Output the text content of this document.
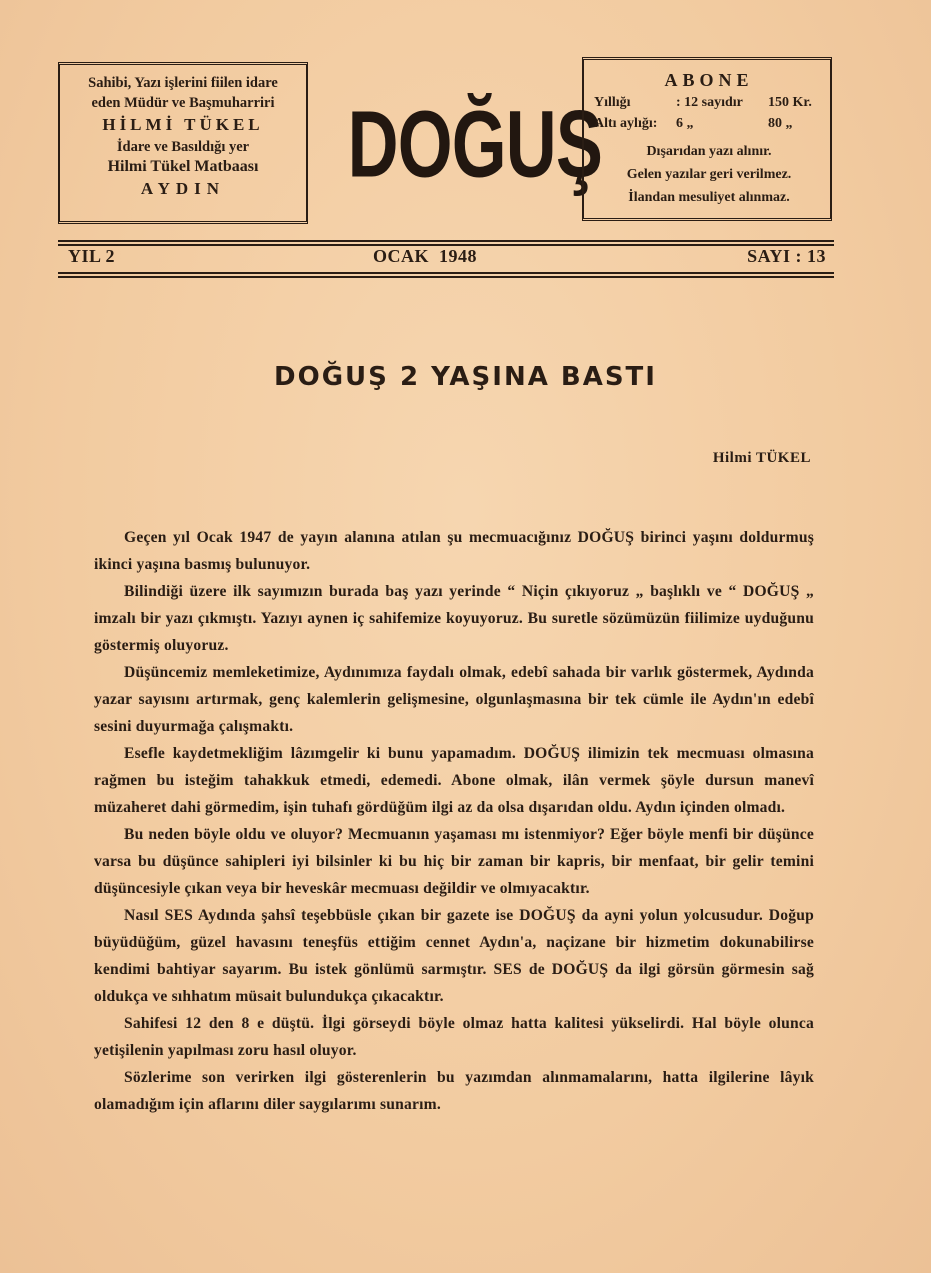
Sahibi, Yazı işlerini fiilen idare
eden Müdür ve Başmuharriri
HİLMİ TÜKEL
İdare ve Basıldığı yer
Hilmi Tükel Matbaası
AYDIN	DOĞUŞ
ABONE
Yıllığı	: 12 sayıdır	150 Kr.
Altı aylığı:	6 „	80 „
Dışarıdan yazı alınır.
Gelen yazılar geri verilmez.
İlandan mesuliyet alınmaz.
YIL 2	OCAK  1948	SAYI : 13
DOĞUŞ 2 YAŞINA BASTI
Hilmi TÜKEL

Geçen yıl Ocak 1947 de yayın alanına atılan şu mecmuacığınız DOĞUŞ birinci yaşını doldurmuş ikinci yaşına basmış bulunuyor.

Bilindiği üzere ilk sayımızın burada baş yazı yerinde “ Niçin çıkıyoruz „ başlıklı ve “ DOĞUŞ „ imzalı bir yazı çıkmıştı. Yazıyı aynen iç sahifemize koyuyoruz. Bu suretle sözümüzün fiilimize uyduğunu göstermiş oluyoruz.

Düşüncemiz memleketimize, Aydınımıza faydalı olmak, edebî sahada bir varlık göstermek, Aydında yazar sayısını artırmak, genç kalemlerin gelişmesine, olgunlaşmasına bir tek cümle ile Aydın'ın edebî sesini duyurmağa çalışmaktı.

Esefle kaydetmekliğim lâzımgelir ki bunu yapamadım. DOĞUŞ ilimizin tek mecmuası olmasına rağmen bu isteğim tahakkuk etmedi, edemedi. Abone olmak, ilân vermek şöyle dursun manevî müzaheret dahi görmedim, işin tuhafı gördüğüm ilgi az da olsa dışarıdan oldu. Aydın içinden olmadı.

Bu neden böyle oldu ve oluyor? Mecmuanın yaşaması mı istenmiyor? Eğer böyle menfi bir düşünce varsa bu düşünce sahipleri iyi bilsinler ki bu hiç bir zaman bir kapris, bir menfaat, bir gelir temini düşüncesiyle çıkan veya bir heveskâr mecmuası değildir ve olmıyacaktır.

Nasıl SES Aydında şahsî teşebbüsle çıkan bir gazete ise DOĞUŞ da ayni yolun yolcusudur. Doğup büyüdüğüm, güzel havasını teneşfüs ettiğim cennet Aydın'a, naçizane bir hizmetim dokunabilirse kendimi bahtiyar sayarım. Bu istek gönlümü sarmıştır. SES de DOĞUŞ da ilgi görsün görmesin sağ oldukça ve sıhhatım müsait bulundukça çıkacaktır.

Sahifesi 12 den 8 e düştü. İlgi görseydi böyle olmaz hatta kalitesi yükselirdi. Hal böyle olunca yetişilenin yapılması zoru hasıl oluyor.

Sözlerime son verirken ilgi gösterenlerin bu yazımdan alınmamalarını, hatta ilgilerine lâyık olamadığım için aflarını diler saygılarımı sunarım.
